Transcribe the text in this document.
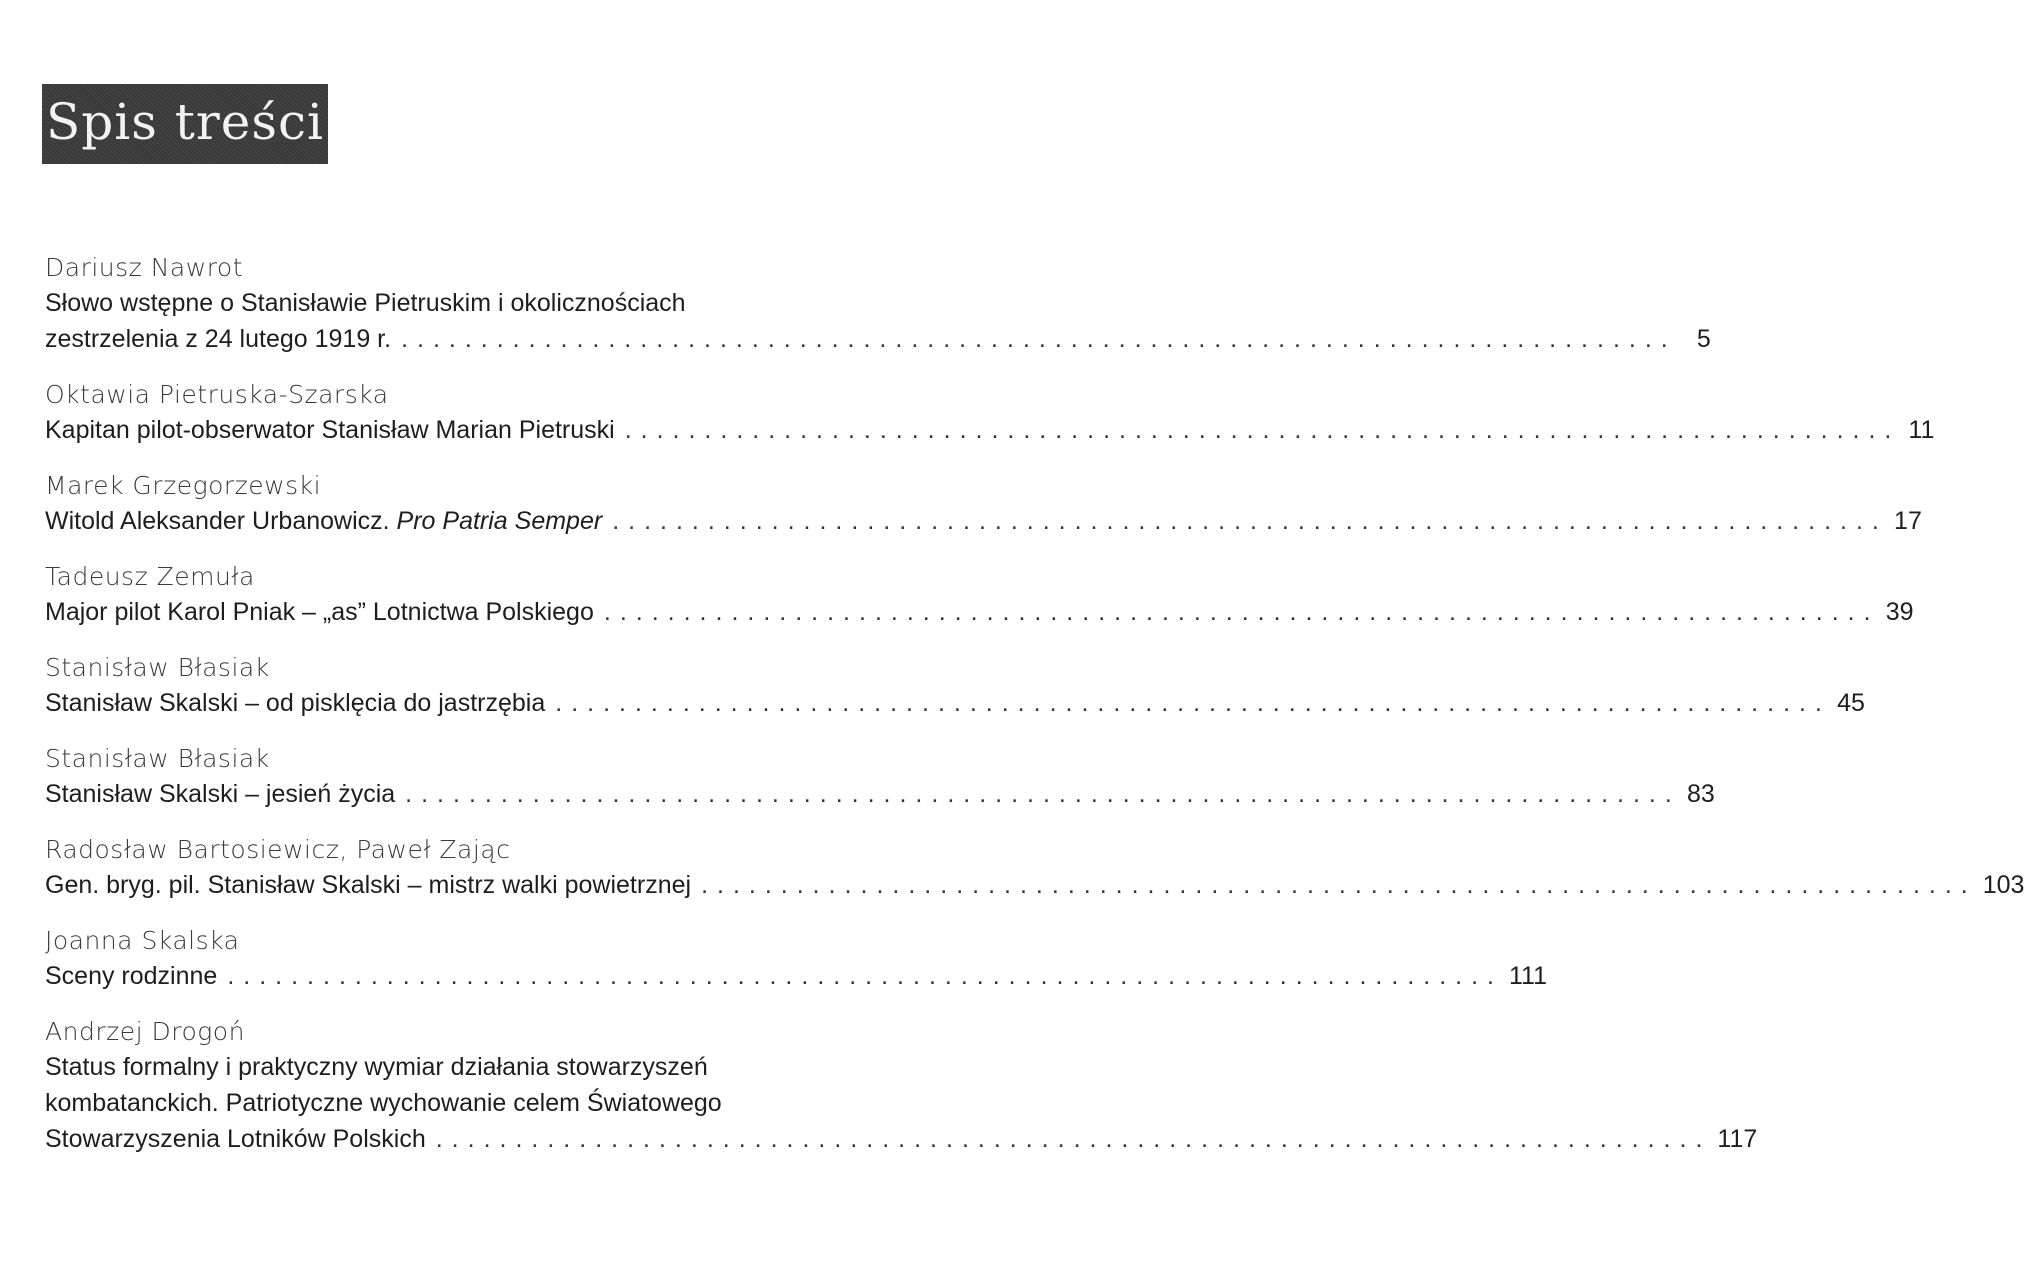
Spis treści
Dariusz Nawrot
Słowo wstępne o Stanisławie Pietruskim i okolicznościach
zestrzelenia z 24 lutego 1919 r. ................................................................................ 5
Oktawia Pietruska-Szarska
Kapitan pilot-obserwator Stanisław Marian Pietruski ................................................................................ 11
Marek Grzegorzewski
Witold Aleksander Urbanowicz. Pro Patria Semper ................................................................................ 17
Tadeusz Zemuła
Major pilot Karol Pniak – „as” Lotnictwa Polskiego ................................................................................ 39
Stanisław Błasiak
Stanisław Skalski – od pisklęcia do jastrzębia ................................................................................ 45
Stanisław Błasiak
Stanisław Skalski – jesień życia ................................................................................ 83
Radosław Bartosiewicz, Paweł Zając
Gen. bryg. pil. Stanisław Skalski – mistrz walki powietrznej ................................................................................ 103
Joanna Skalska
Sceny rodzinne ................................................................................ 111
Andrzej Drogoń
Status formalny i praktyczny wymiar działania stowarzyszeń
kombatanckich. Patriotyczne wychowanie celem Światowego
Stowarzyszenia Lotników Polskich ................................................................................ 117
